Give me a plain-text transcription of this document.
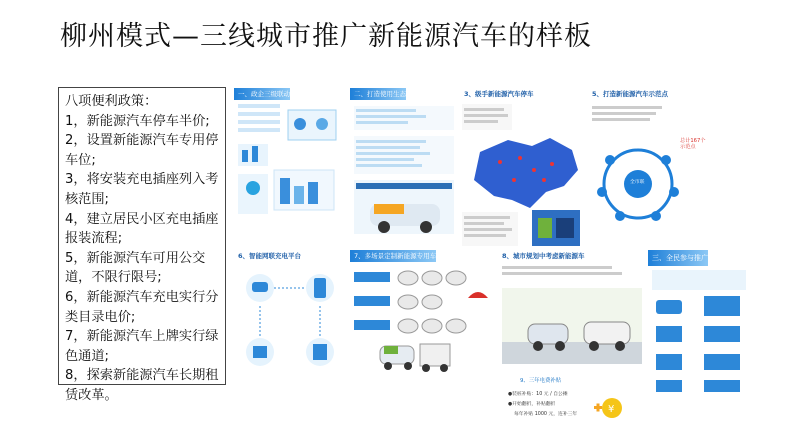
柳州模式—三线城市推广新能源汽车的样板
八项便利政策：
1，新能源汽车停车半价;
2，设置新能源汽车专用停车位;
3，将安装充电插座列入考核范围;
4，建立居民小区充电插座报装流程;
5，新能源汽车可用公交道，不限行限号;
6，新能源汽车充电实行分类目录电价;
7，新能源汽车上牌实行绿色通道;
8，探索新能源汽车长期租赁改革。
一、政企三级联动	二、打造使用生态	3、级手新能源汽车停车	5、打造新能源汽车示范点
全市联
总计167个示范点
6、智能网联充电平台	7、多场景定制新能源专用车	8、城市规划中考虑新能源车	三、全民参与推广
9、三年电费补贴
●装桩补贴：10 元 / 自公摊
●开始翻折，补贴翻折
每年补贴 1000 元，连补三年	¥
